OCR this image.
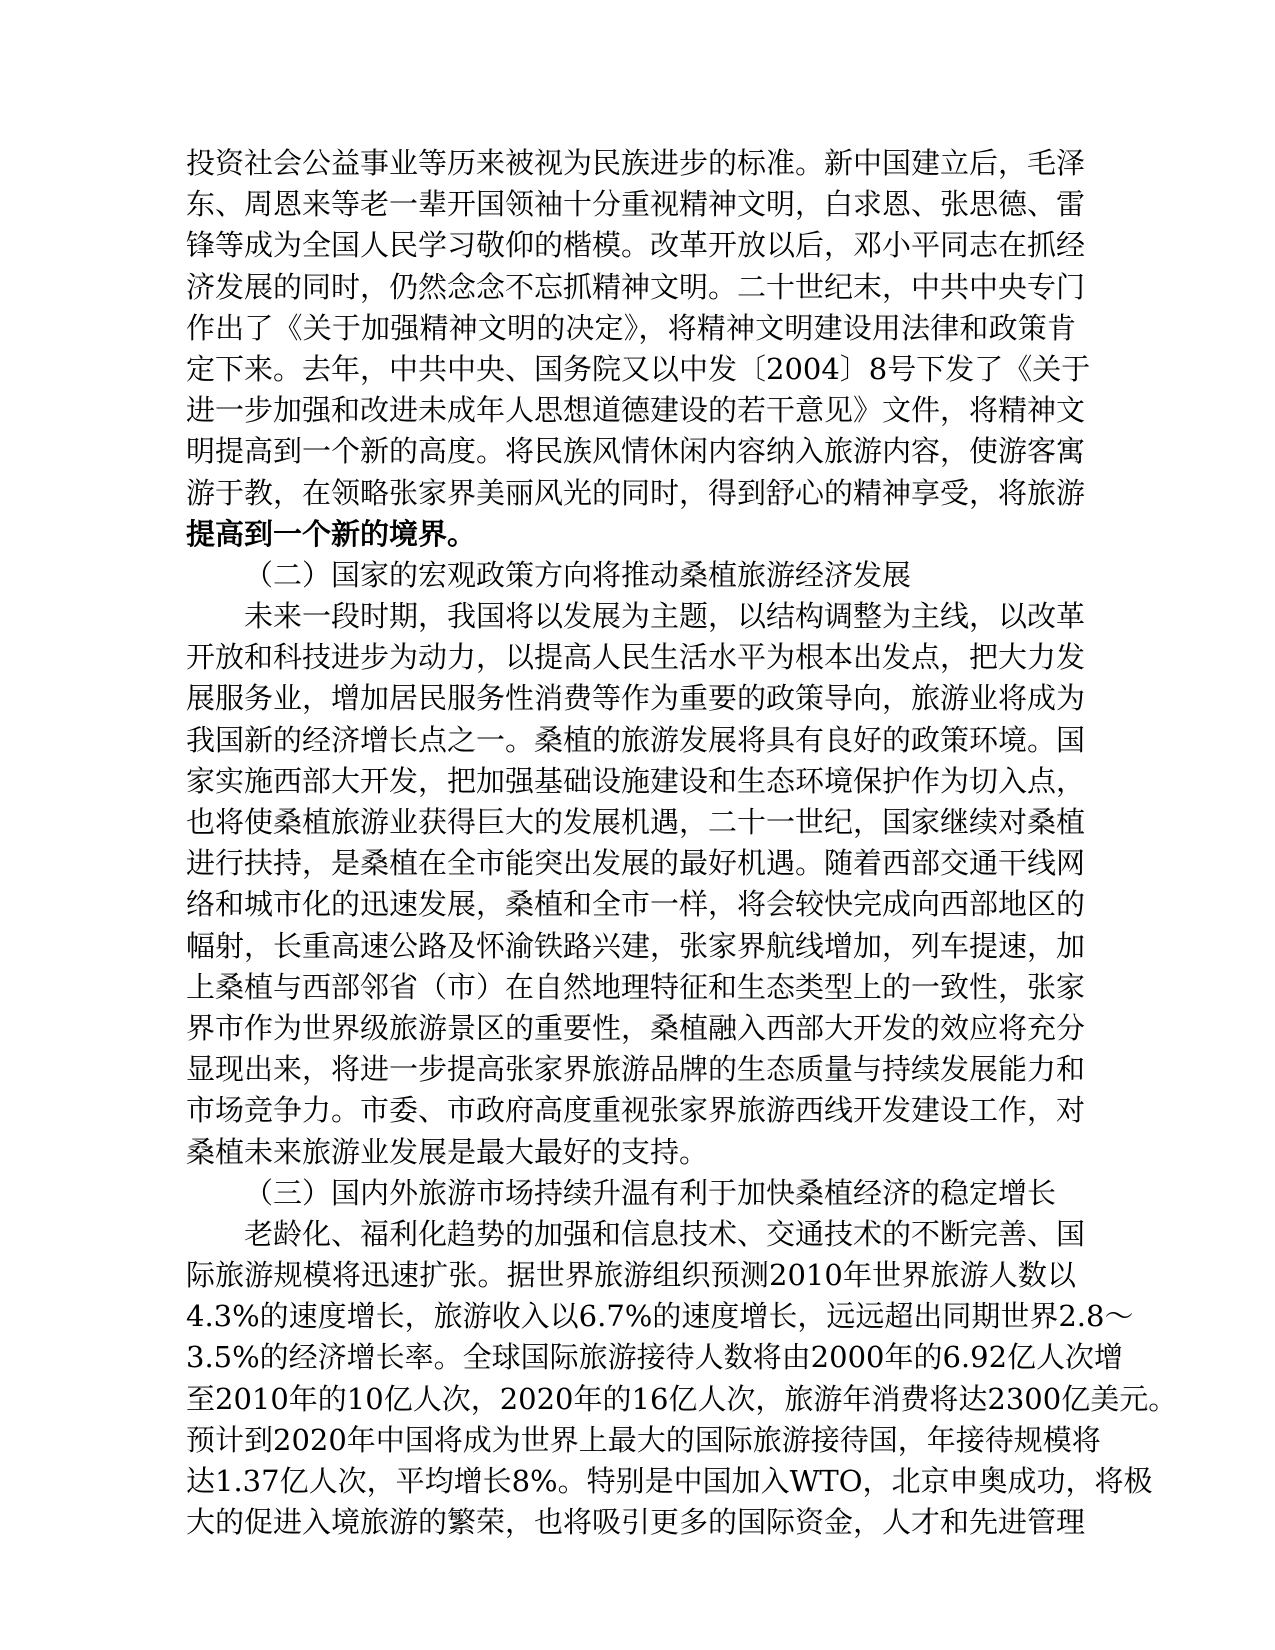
投资社会公益事业等历来被视为民族进步的标准。新中国建立后，毛泽
东、周恩来等老一辈开国领袖十分重视精神文明，白求恩、张思德、雷
锋等成为全国人民学习敬仰的楷模。改革开放以后，邓小平同志在抓经
济发展的同时，仍然念念不忘抓精神文明。二十世纪末，中共中央专门
作出了《关于加强精神文明的决定》，将精神文明建设用法律和政策肯
定下来。去年，中共中央、国务院又以中发〔2004〕8号下发了《关于
进一步加强和改进未成年人思想道德建设的若干意见》文件，将精神文
明提高到一个新的高度。将民族风情休闲内容纳入旅游内容，使游客寓
游于教，在领略张家界美丽风光的同时，得到舒心的精神享受，将旅游
提高到一个新的境界。
（二）国家的宏观政策方向将推动桑植旅游经济发展
未来一段时期，我国将以发展为主题，以结构调整为主线，以改革
开放和科技进步为动力，以提高人民生活水平为根本出发点，把大力发
展服务业，增加居民服务性消费等作为重要的政策导向，旅游业将成为
我国新的经济增长点之一。桑植的旅游发展将具有良好的政策环境。国
家实施西部大开发，把加强基础设施建设和生态环境保护作为切入点，
也将使桑植旅游业获得巨大的发展机遇，二十一世纪，国家继续对桑植
进行扶持，是桑植在全市能突出发展的最好机遇。随着西部交通干线网
络和城市化的迅速发展，桑植和全市一样，将会较快完成向西部地区的
幅射，长重高速公路及怀渝铁路兴建，张家界航线增加，列车提速，加
上桑植与西部邻省（市）在自然地理特征和生态类型上的一致性，张家
界市作为世界级旅游景区的重要性，桑植融入西部大开发的效应将充分
显现出来，将进一步提高张家界旅游品牌的生态质量与持续发展能力和
市场竞争力。市委、市政府高度重视张家界旅游西线开发建设工作，对
桑植未来旅游业发展是最大最好的支持。
（三）国内外旅游市场持续升温有利于加快桑植经济的稳定增长
老龄化、福利化趋势的加强和信息技术、交通技术的不断完善、国
际旅游规模将迅速扩张。据世界旅游组织预测2010年世界旅游人数以
4.3%的速度增长，旅游收入以6.7%的速度增长，远远超出同期世界2.8～
3.5%的经济增长率。全球国际旅游接待人数将由2000年的6.92亿人次增
至2010年的10亿人次，2020年的16亿人次，旅游年消费将达2300亿美元。
预计到2020年中国将成为世界上最大的国际旅游接待国，年接待规模将
达1.37亿人次，平均增长8%。特别是中国加入WTO，北京申奥成功，将极
大的促进入境旅游的繁荣，也将吸引更多的国际资金，人才和先进管理
